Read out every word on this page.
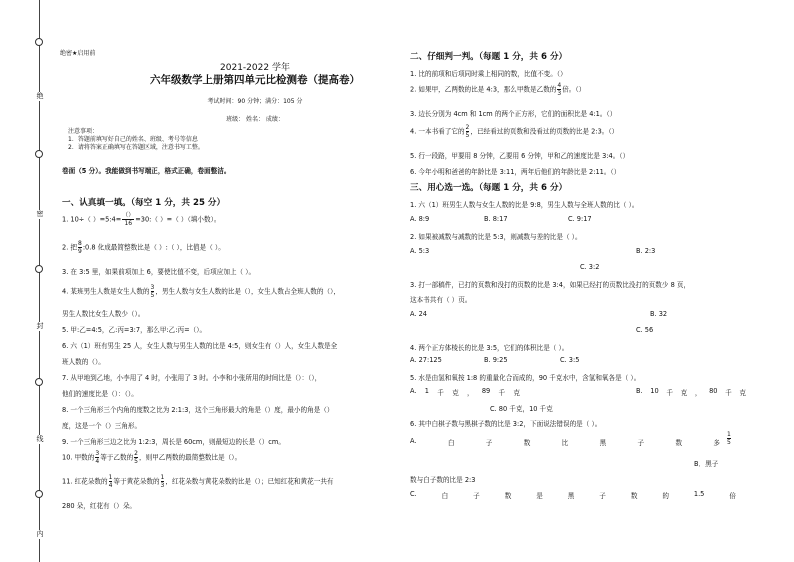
绝
密
封
线
内
绝密★启用前
2021-2022 学年
六年级数学上册第四单元比检测卷（提高卷）
考试时间：90 分钟；满分：105 分
班级： 姓名： 成绩：
注意事项：
1．答题前填写好自己的姓名、班级、考号等信息
2．请将答案正确填写在答题区域，注意书写工整。
卷面（5 分）。我能做到书写端正，格式正确，卷面整洁。
一、认真填一填。（每空 1 分，共 25 分）
1. 10÷（ ）=5:4= $\frac{()}{16}$ =30:（ ）=（ ）（填小数）。
2. 把 $\frac{8}{9}$ :0.8 化成最简整数比是（ ）:（ ），比值是（ ）。
3. 在 3:5 里，如果前项加上 6，要使比值不变，后项应加上（ ）。
4. 某班男生人数是女生人数的 $\frac{3}{5}$ ，男生人数与女生人数的比是（），女生人数占全班人数的（），
男生人数比女生人数少（）。
5. 甲:乙=4:5，乙:丙=3:7，那么甲:乙:丙=（）。
6. 六（1）班有男生 25 人，女生人数与男生人数的比是 4:5，则女生有（）人，女生人数是全
班人数的（）。
7. 从甲地到乙地，小李用了 4 时，小张用了 3 时。小李和小张所用的时间比是（）：（），
他们的速度比是（）：（）。
8. 一个三角形三个内角的度数之比为 2:1:3，这个三角形最大的角是（）度，最小的角是（）
度，这是一个（）三角形。
9. 一个三角形三边之比为 1:2:3，周长是 60cm，则最短边的长是（）cm。
10. 甲数的 $\frac{3}{4}$ 等于乙数的 $\frac{2}{5}$ ，则甲乙两数的最简整数比是（）。
11. 红花朵数的 $\frac{1}{4}$ 等于黄花朵数的 $\frac{1}{3}$ ，红花朵数与黄花朵数的比是（）；已知红花和黄花一共有
280 朵，红花有（）朵。
二、仔细判一判。（每题 1 分，共 6 分）
1. 比的前项和后项同时乘上相同的数，比值不变。（）
2. 如果甲，乙两数的比是 4:3，那么甲数是乙数的 $\frac{4}{3}$ 倍。（）
3. 边长分别为 4cm 和 1cm 的两个正方形，它们的面积比是 4:1。（）
4. 一本书看了它的 $\frac{2}{5}$ ，已经看过的页数和没看过的页数的比是 2:3。（）
5. 行一段路，甲要用 8 分钟，乙要用 6 分钟，甲和乙的速度比是 3:4。（）
6. 今年小明和爸爸的年龄比是 3:11，两年后他们的年龄比是 2:11。（）
三、用心选一选。（每题 1 分，共 6 分）
1. 六（1）班男生人数与女生人数的比是 9:8，男生人数与全班人数的比（ ）。
A. 8:9	B. 8:17	C. 9:17
2. 如果被减数与减数的比是 5:3，则减数与差的比是（ ）。
A. 5:3	B. 2:3
C. 3:2
3. 打一部稿件，已打的页数和没打的页数的比是 3:4，如果已经打的页数比没打的页数少 8 页，
这本书共有（ ）页。
A. 24	B. 32
C. 56
4. 两个正方体棱长的比是 3:5，它们的体积比是（ ）。
A. 27:125	B. 9:25	C. 3:5
5. 水是由氢和氧按 1:8 的重量化合而成的，90 千克水中，含氢和氧各是（ ）。
A. 1 千 克 ， 89 千 克	B. 10 千 克 ， 80 千 克
C. 80 千克，10 千克
6. 其中白棋子数与黑棋子数的比是 3:2，下面说法错误的是（ ）。
A.	白	子	数	比	黑	子	数	多 $\frac{1}{5}$
B．黑子
数与白子数的比是 2:3
C.	白	子	数	是	黑	子	数	的	1.5	倍
